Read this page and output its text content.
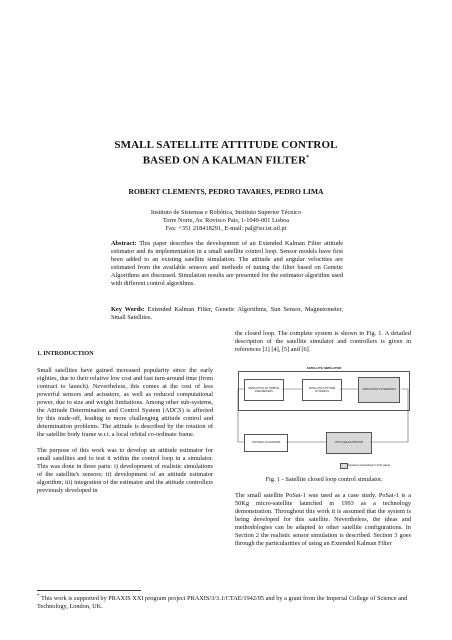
SMALL SATELLITE ATTITUDE CONTROL
BASED ON A KALMAN FILTER*
ROBERT CLEMENTS, PEDRO TAVARES, PEDRO LIMA
Instituto de Sistemas e Robótica, Instituto Superior Técnico
Torre Norte, Av. Rovisco Pais, 1-1049-001 Lisboa
Fax: +351 218418291, E-mail: pal@isr.ist.utl.pt
Abstract: This paper describes the development of an Extended Kalman Filter attitude estimator and its implementation in a small satellite control loop. Sensor models have first been added to an existing satellite simulation. The attitude and angular velocities are estimated from the available sensors and methods of tuning the filter based on Genetic Algorithms are discussed. Simulation results are presented for the estimator algorithm used with different control algorithms.
Key Words: Extended Kalman Filter, Genetic Algorithms, Sun Sensor, Magnetometer, Small Satellites.

1. INTRODUCTION

Small satellites have gained increased popularity since the early eighties, due to their relative low cost and fast turn-around time (from contract to launch). Nevertheless, this comes at the cost of less powerful sensors and actuators, as well as reduced computational power, due to size and weight limitations. Among other sub-systems, the Attitude Determination and Control System (ADCS) is affected by this trade-off, leading to more challenging attitude control and determination problems. The attitude is described by the rotation of the satellite body frame w.r.t. a local orbital co-ordinate frame.

The purpose of this work was to develop an attitude estimator for small satellites and to test it within the control loop in a simulator. This was done in three parts: i) development of realistic simulations of the satellite's sensors; ii) development of an attitude estimator algorithm; iii) integration of the estimator and the attitude controllers previously developed in

the closed loop. The complete system is shown in Fig. 1. A detailed description of the satellite simulator and controllers is given in references [1] [4], [5] and [6].

SATELLITE SIMULATOR
SIMULATION OF ORBITAL PARAMETERS
SATELLITE ATTITUDE DYNAMICS
SIMULATION OF SENSORS
CONTROL ALGORITHM	ATTITUDE ESTIMATOR
Systems described in this paper
Fig. 1 - Satellite closed loop control simulator.

The small satellite PoSat-1 was used as a case study. PoSat-1 is a 50Kg micro-satellite launched in 1993 as a technology demonstration. Throughout this work it is assumed that the system is being developed for this satellite. Nevertheless, the ideas and methodologies can be adapted to other satellite configurations. In Section 2 the realistic sensor simulation is described. Section 3 goes through the particularities of using an Extended Kalman Filter

* This work is supported by PRAXIS XXI program project PRAXIS/3/3.1/CTAE/1942/95 and by a grant from the Imperial College of Science and Technology, London, UK.
